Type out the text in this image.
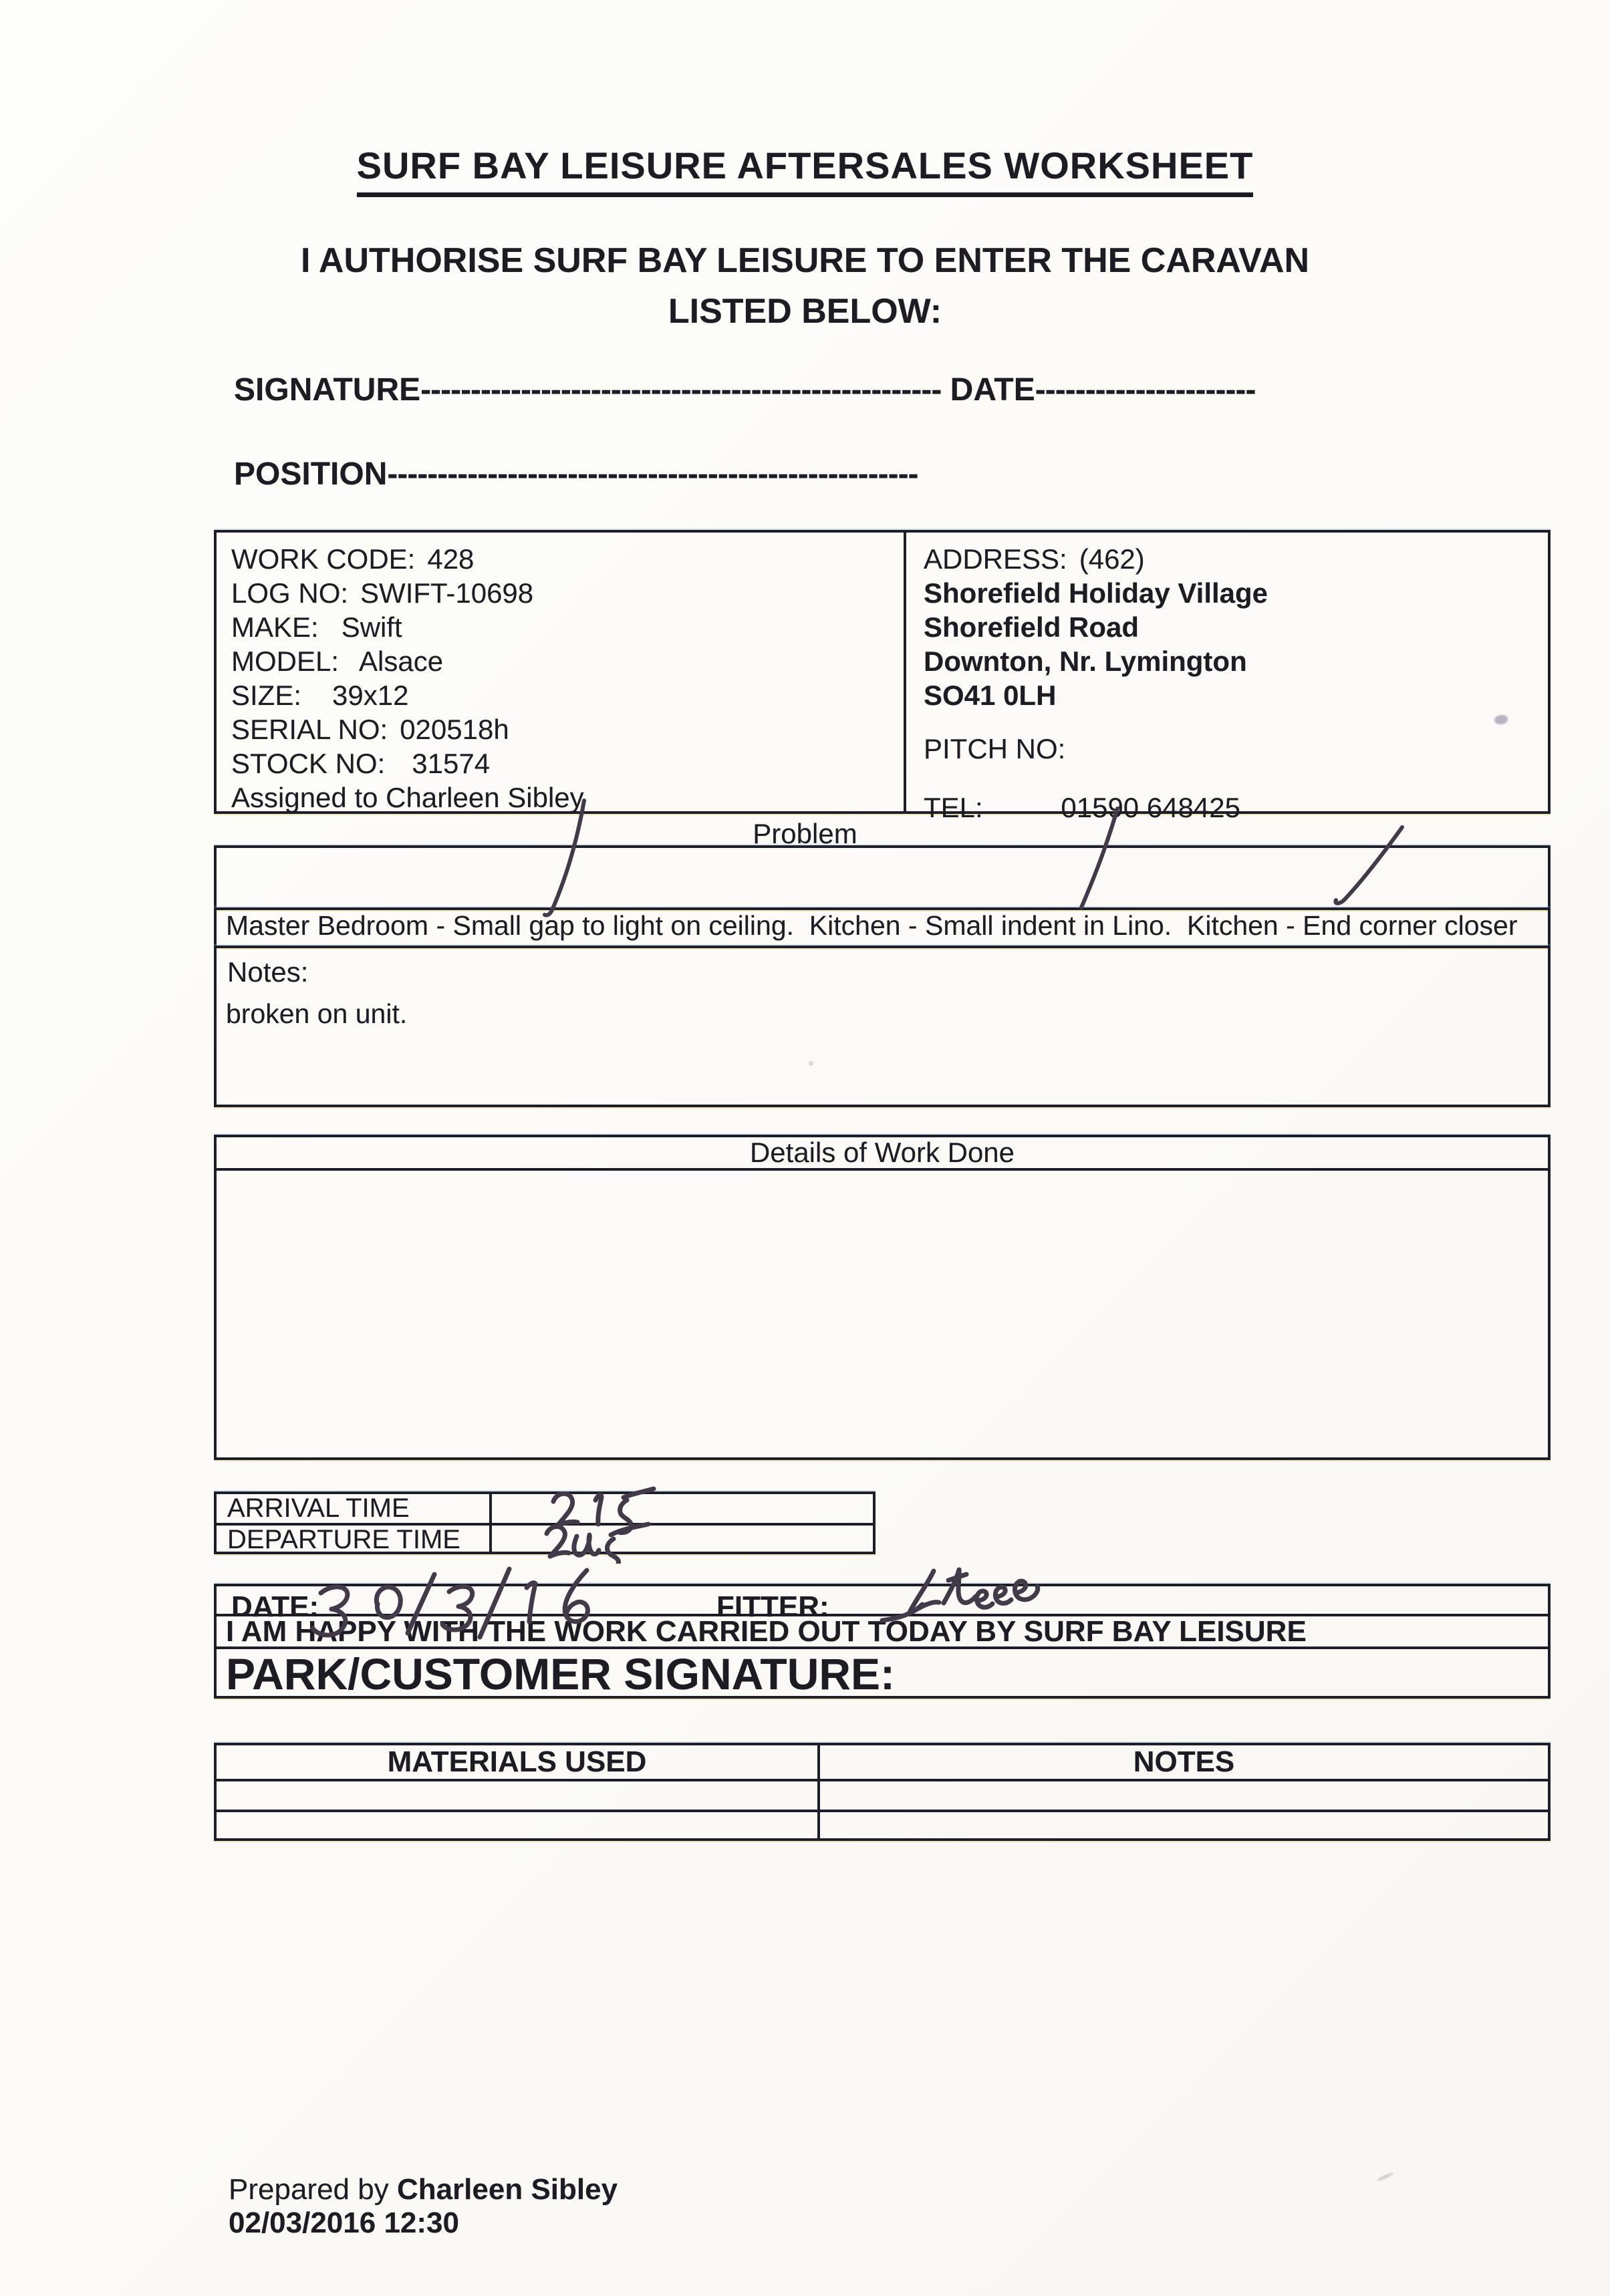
SURF BAY LEISURE AFTERSALES WORKSHEET
I AUTHORISE SURF BAY LEISURE TO ENTER THE CARAVAN
LISTED BELOW:
SIGNATURE---------------------------------------------------- DATE----------------------
POSITION-----------------------------------------------------
WORK CODE: 428
LOG NO: SWIFT-10698
MAKE: Swift
MODEL: Alsace
SIZE: 39x12
SERIAL NO: 020518h
STOCK NO: 31574
Assigned to Charleen Sibley
ADDRESS: (462)
Shorefield Holiday Village
Shorefield Road
Downton, Nr. Lymington
SO41 0LH
PITCH NO:
TEL:	01590 648425
Problem

Master Bedroom - Small gap to light on ceiling.  Kitchen - Small indent in Lino.  Kitchen - End corner closer

broken on unit.

Notes:
Details of Work Done
ARRIVAL TIME
DEPARTURE TIME
DATE:	FITTER:
I AM HAPPY WITH THE WORK CARRIED OUT TODAY BY SURF BAY LEISURE
PARK/CUSTOMER SIGNATURE:
MATERIALS USED	NOTES
Prepared by Charleen Sibley
02/03/2016 12:30
